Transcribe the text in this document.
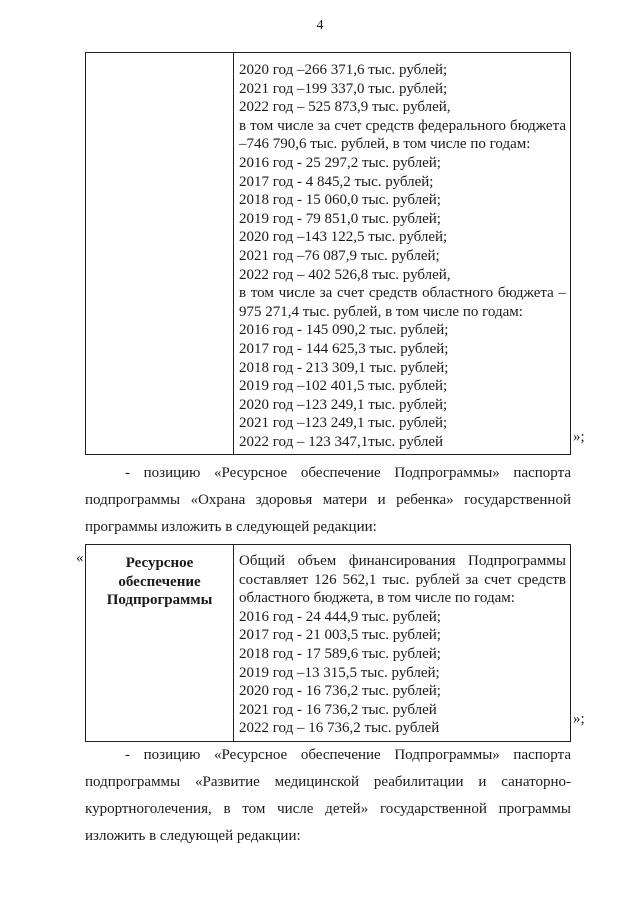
4

2020 год –266 371,6 тыс. рублей;
2021 год –199 337,0 тыс. рублей;
2022 год – 525 873,9 тыс. рублей,
в том числе за счет средств федерального бюджета –746 790,6 тыс. рублей, в том числе по годам:
2016 год - 25 297,2 тыс. рублей;
2017 год - 4 845,2 тыс. рублей;
2018 год - 15 060,0 тыс. рублей;
2019 год - 79 851,0 тыс. рублей;
2020 год –143 122,5 тыс. рублей;
2021 год –76 087,9 тыс. рублей;
2022 год – 402 526,8 тыс. рублей,
в том числе за счет средств областного бюджета – 975 271,4 тыс. рублей, в том числе по годам:
2016 год - 145 090,2 тыс. рублей;
2017 год - 144 625,3 тыс. рублей;
2018 год - 213 309,1 тыс. рублей;
2019 год –102 401,5 тыс. рублей;
2020 год –123 249,1 тыс. рублей;
2021 год –123 249,1 тыс. рублей;
2022 год – 123 347,1тыс. рублей	»;
- позицию «Ресурсное обеспечение Подпрограммы» паспорта
подпрограммы «Охрана здоровья матери и ребенка» государственной
программы изложить в следующей редакции:
«	Ресурсное обеспечение Подпрограммы	
Общий объем финансирования Подпрограммы составляет 126 562,1 тыс. рублей за счет средств областного бюджета, в том числе по годам:
2016 год - 24 444,9 тыс. рублей;
2017 год - 21 003,5 тыс. рублей;
2018 год - 17 589,6 тыс. рублей;
2019 год –13 315,5 тыс. рублей;
2020 год - 16 736,2 тыс. рублей;
2021 год - 16 736,2 тыс. рублей
2022 год – 16 736,2 тыс. рублей
»;
- позицию «Ресурсное обеспечение Подпрограммы» паспорта
подпрограммы «Развитие медицинской реабилитации и санаторно-
курортноголечения, в том числе детей» государственной программы
изложить в следующей редакции:
